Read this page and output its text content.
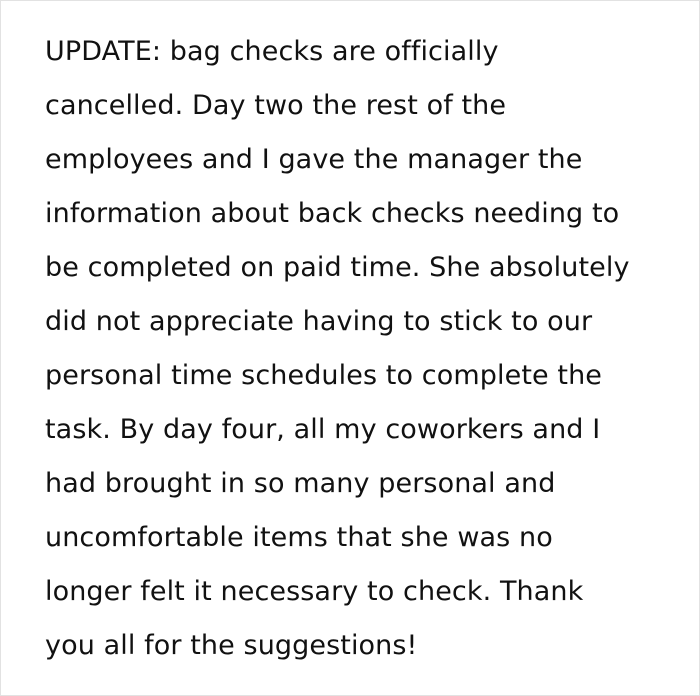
UPDATE: bag checks are officially
cancelled. Day two the rest of the
employees and I gave the manager the
information about back checks needing to
be completed on paid time. She absolutely
did not appreciate having to stick to our
personal time schedules to complete the
task. By day four, all my coworkers and I
had brought in so many personal and
uncomfortable items that she was no
longer felt it necessary to check. Thank
you all for the suggestions!
